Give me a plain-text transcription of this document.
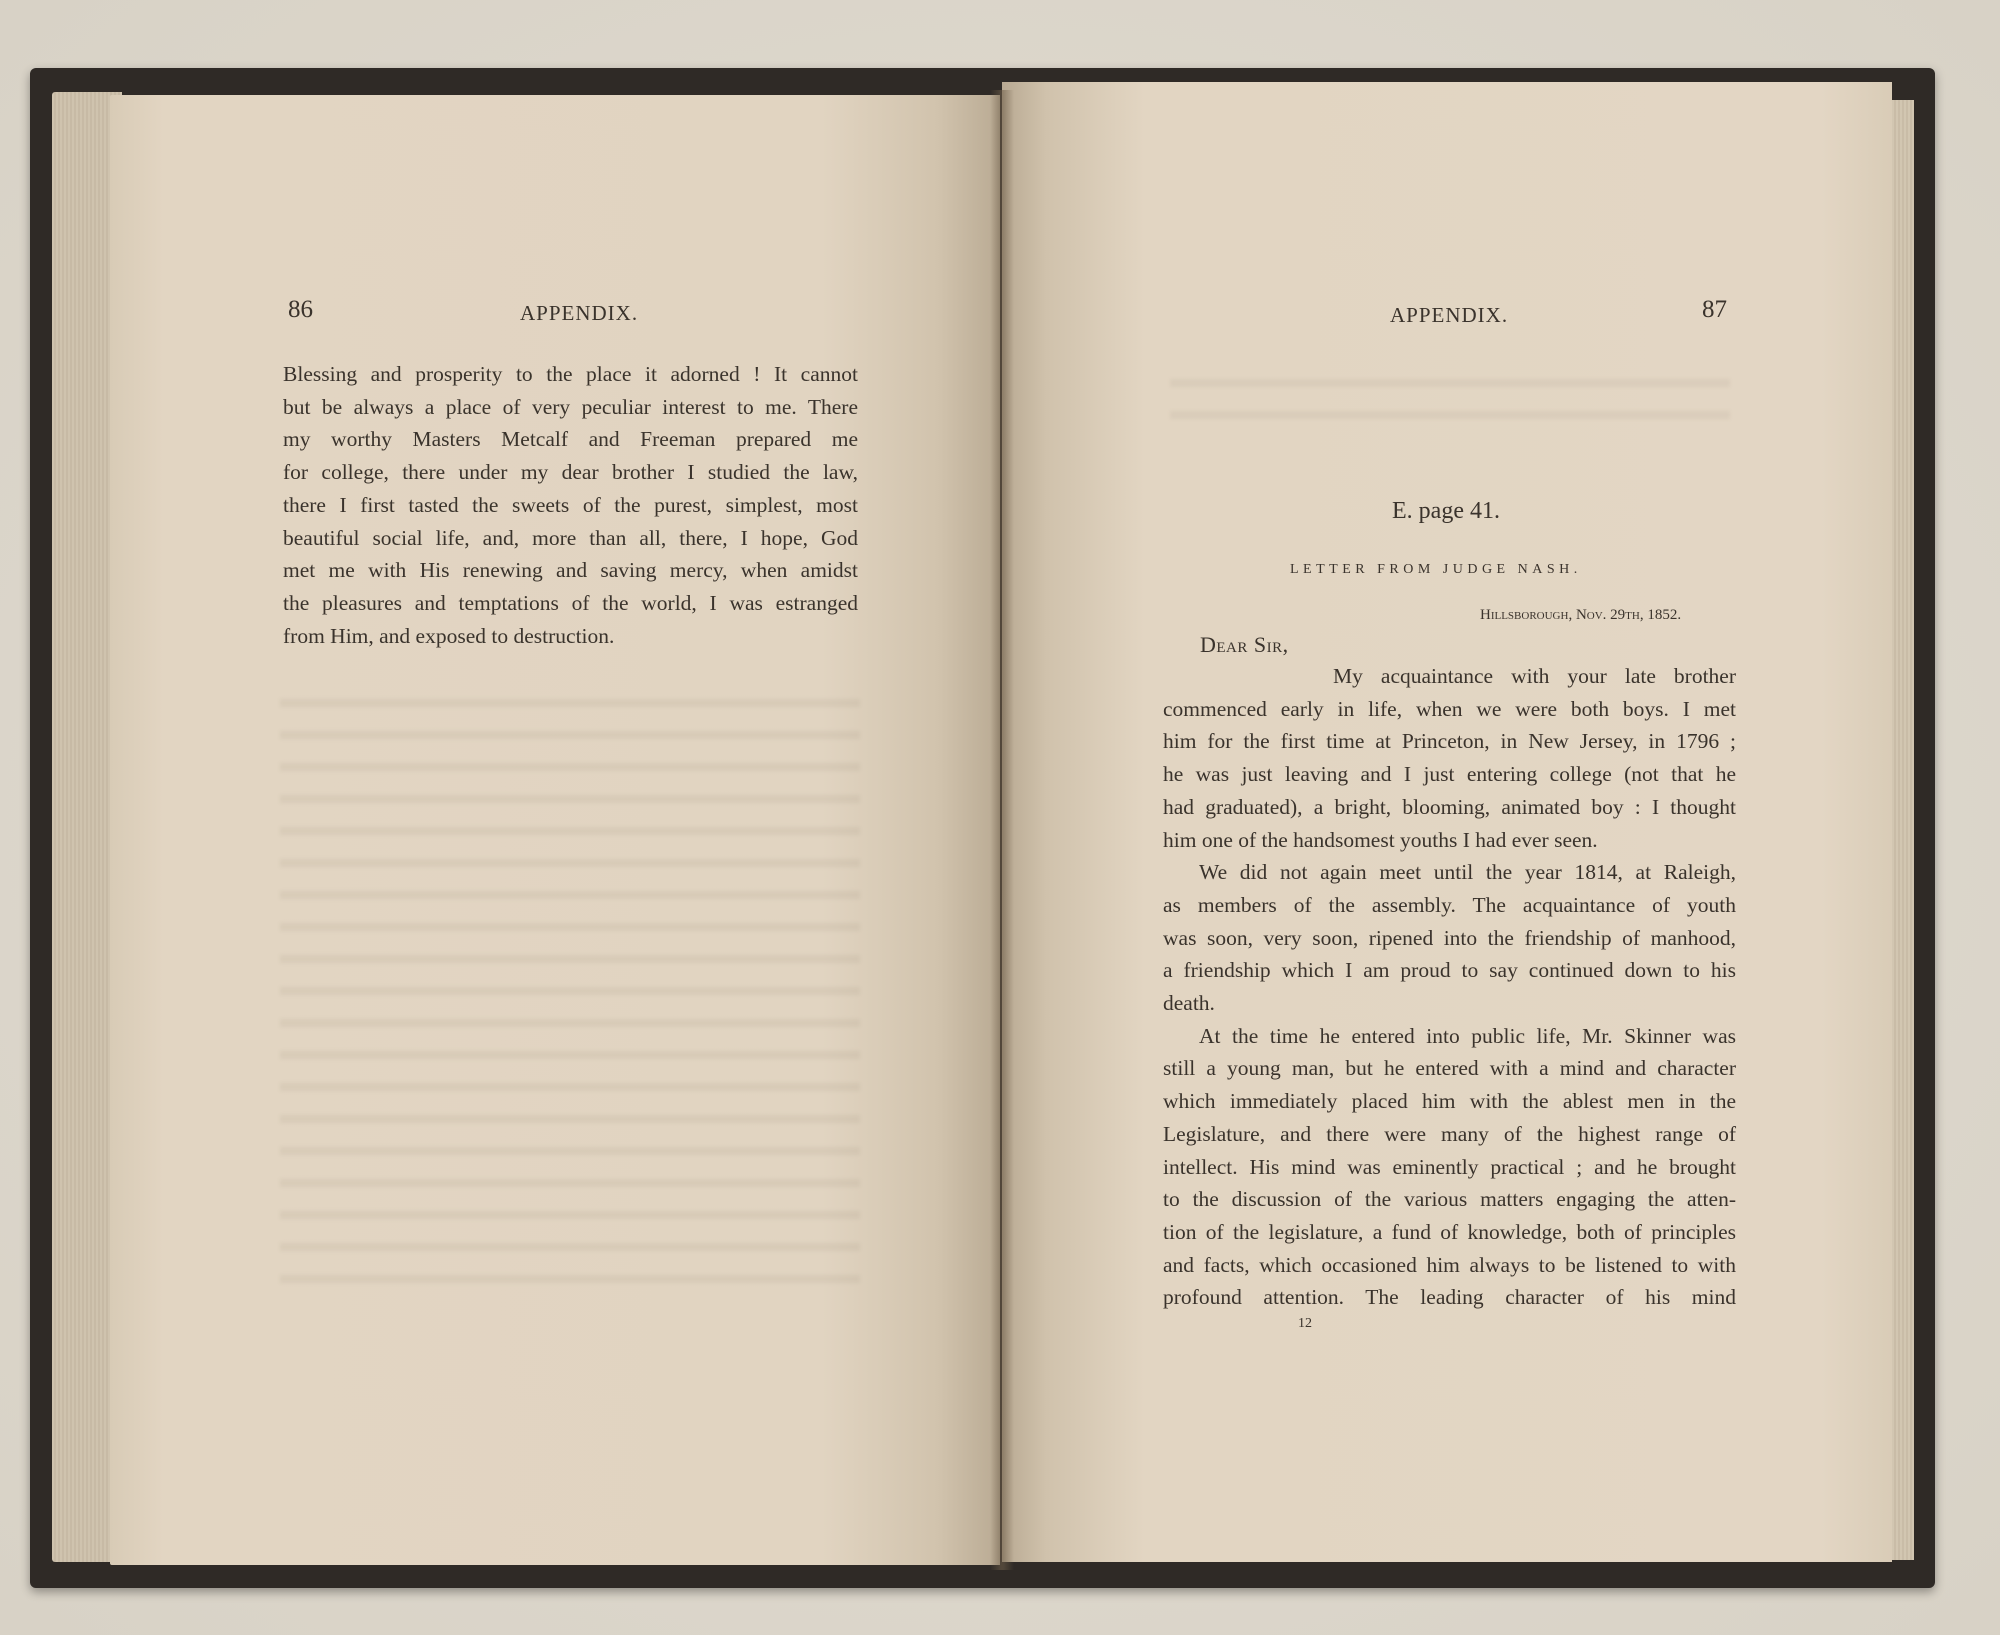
86	APPENDIX.
Blessing and prosperity to the place it adorned ! It cannot
but be always a place of very peculiar interest to me. There
my worthy Masters Metcalf and Freeman prepared me
for college, there under my dear brother I studied the law,
there I first tasted the sweets of the purest, simplest, most
beautiful social life, and, more than all, there, I hope, God
met me with His renewing and saving mercy, when amidst
the pleasures and temptations of the world, I was estranged
from Him, and exposed to destruction.
APPENDIX.	87
E. page 41.
LETTER FROM JUDGE NASH.
Hillsborough, Nov. 29th, 1852.
Dear Sir,
My acquaintance with your late brother
commenced early in life, when we were both boys. I met
him for the first time at Princeton, in New Jersey, in 1796 ;
he was just leaving and I just entering college (not that he
had graduated), a bright, blooming, animated boy : I thought
him one of the handsomest youths I had ever seen.
We did not again meet until the year 1814, at Raleigh,
as members of the assembly. The acquaintance of youth
was soon, very soon, ripened into the friendship of manhood,
a friendship which I am proud to say continued down to his
death.
At the time he entered into public life, Mr. Skinner was
still a young man, but he entered with a mind and character
which immediately placed him with the ablest men in the
Legislature, and there were many of the highest range of
intellect. His mind was eminently practical ; and he brought
to the discussion of the various matters engaging the atten-
tion of the legislature, a fund of knowledge, both of principles
and facts, which occasioned him always to be listened to with
profound attention. The leading character of his mind
12
